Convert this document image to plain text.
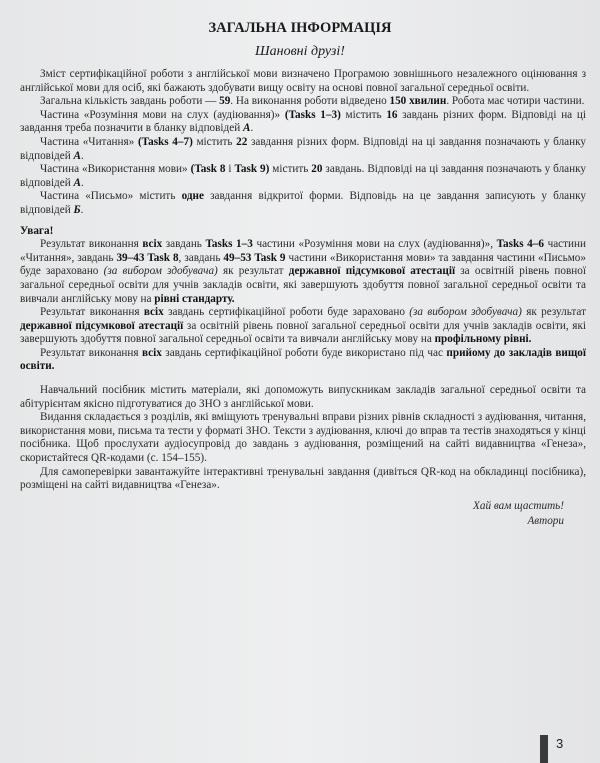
ЗАГАЛЬНА ІНФОРМАЦІЯ
Шановні друзі!

Зміст сертифікаційної роботи з англійської мови визначено Програмою зовнішнього незалежного оцінювання з англійської мови для осіб, які бажають здобувати вищу освіту на основі повної загальної середньої освіти.

Загальна кількість завдань роботи — 59. На виконання роботи відведено 150 хвилин. Робота має чотири частини.

Частина «Розуміння мови на слух (аудіювання)» (Tasks 1–3) містить 16 завдань різних форм. Відповіді на ці завдання треба позначити в бланку відповідей А.

Частина «Читання» (Tasks 4–7) містить 22 завдання різних форм. Відповіді на ці завдання позначають у бланку відповідей А.

Частина «Використання мови» (Task 8 і Task 9) містить 20 завдань. Відповіді на ці завдання позначають у бланку відповідей А.

Частина «Письмо» містить одне завдання відкритої форми. Відповідь на це завдання записують у бланку відповідей Б.

Увага!

Результат виконання всіх завдань Tasks 1–3 частини «Розуміння мови на слух (аудіювання)», Tasks 4–6 частини «Читання», завдань 39–43 Task 8, завдань 49–53 Task 9 частини «Використання мови» та завдання частини «Письмо» буде зараховано (за вибором здобувача) як результат державної підсумкової атестації за освітній рівень повної загальної середньої освіти для учнів закладів освіти, які завершують здобуття повної загальної середньої освіти та вивчали англійську мову на рівні стандарту.

Результат виконання всіх завдань сертифікаційної роботи буде зараховано (за вибором здобувача) як результат державної підсумкової атестації за освітній рівень повної загальної середньої освіти для учнів закладів освіти, які завершують здобуття повної загальної середньої освіти та вивчали англійську мову на профільному рівні.

Результат виконання всіх завдань сертифікаційної роботи буде використано під час прийому до закладів вищої освіти.

Навчальний посібник містить матеріали, які допоможуть випускникам закладів загальної середньої освіти та абітурієнтам якісно підготуватися до ЗНО з англійської мови.

Видання складається з розділів, які вміщують тренувальні вправи різних рівнів складності з аудіювання, читання, використання мови, письма та тести у форматі ЗНО. Тексти з аудіювання, ключі до вправ та тестів знаходяться у кінці посібника. Щоб прослухати аудіосупровід до завдань з аудіювання, розміщений на сайті видавництва «Генеза», скористайтеся QR-кодами (с. 154–155).

Для самоперевірки завантажуйте інтерактивні тренувальні завдання (дивіться QR-код на обкладинці посібника), розміщені на сайті видавництва «Генеза».

Хай вам щастить!
Автори
3
